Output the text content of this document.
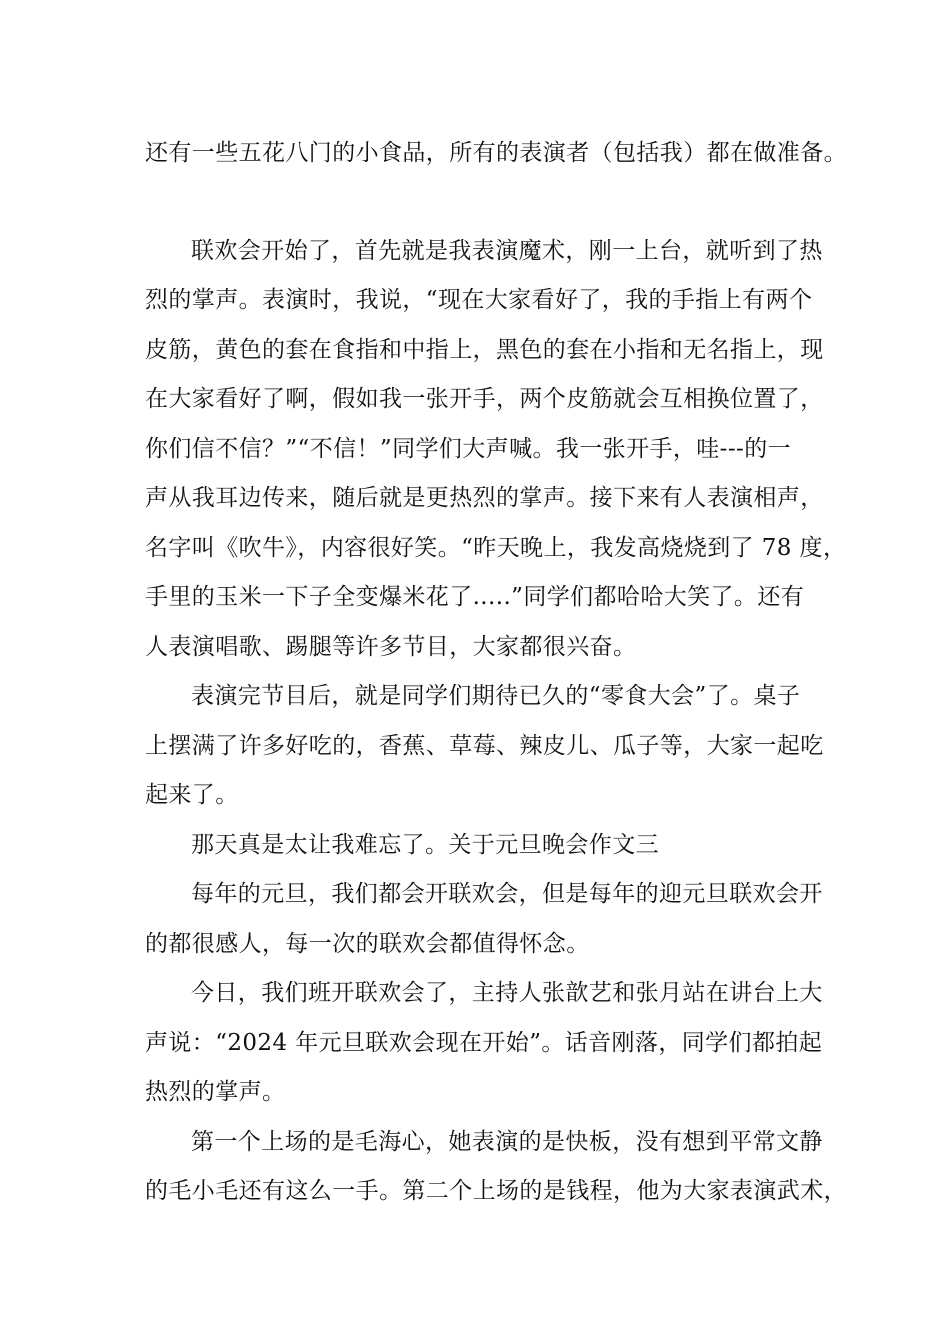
还有一些五花八门的小食品，所有的表演者（包括我）都在做准备。
联欢会开始了，首先就是我表演魔术，刚一上台，就听到了热
烈的掌声。表演时，我说，“现在大家看好了，我的手指上有两个
皮筋，黄色的套在食指和中指上，黑色的套在小指和无名指上，现
在大家看好了啊，假如我一张开手，两个皮筋就会互相换位置了，
你们信不信？”“不信！”同学们大声喊。我一张开手，哇---的一
声从我耳边传来，随后就是更热烈的掌声。接下来有人表演相声，
名字叫《吹牛》，内容很好笑。“昨天晚上，我发高烧烧到了 78 度，
手里的玉米一下子全变爆米花了.....”同学们都哈哈大笑了。还有
人表演唱歌、踢腿等许多节目，大家都很兴奋。
表演完节目后，就是同学们期待已久的“零食大会”了。桌子
上摆满了许多好吃的，香蕉、草莓、辣皮儿、瓜子等，大家一起吃
起来了。
那天真是太让我难忘了。关于元旦晚会作文三
每年的元旦，我们都会开联欢会，但是每年的迎元旦联欢会开
的都很感人，每一次的联欢会都值得怀念。
今日，我们班开联欢会了，主持人张歆艺和张月站在讲台上大
声说：“2024 年元旦联欢会现在开始”。话音刚落，同学们都拍起
热烈的掌声。
第一个上场的是毛海心，她表演的是快板，没有想到平常文静
的毛小毛还有这么一手。第二个上场的是钱程，他为大家表演武术，
